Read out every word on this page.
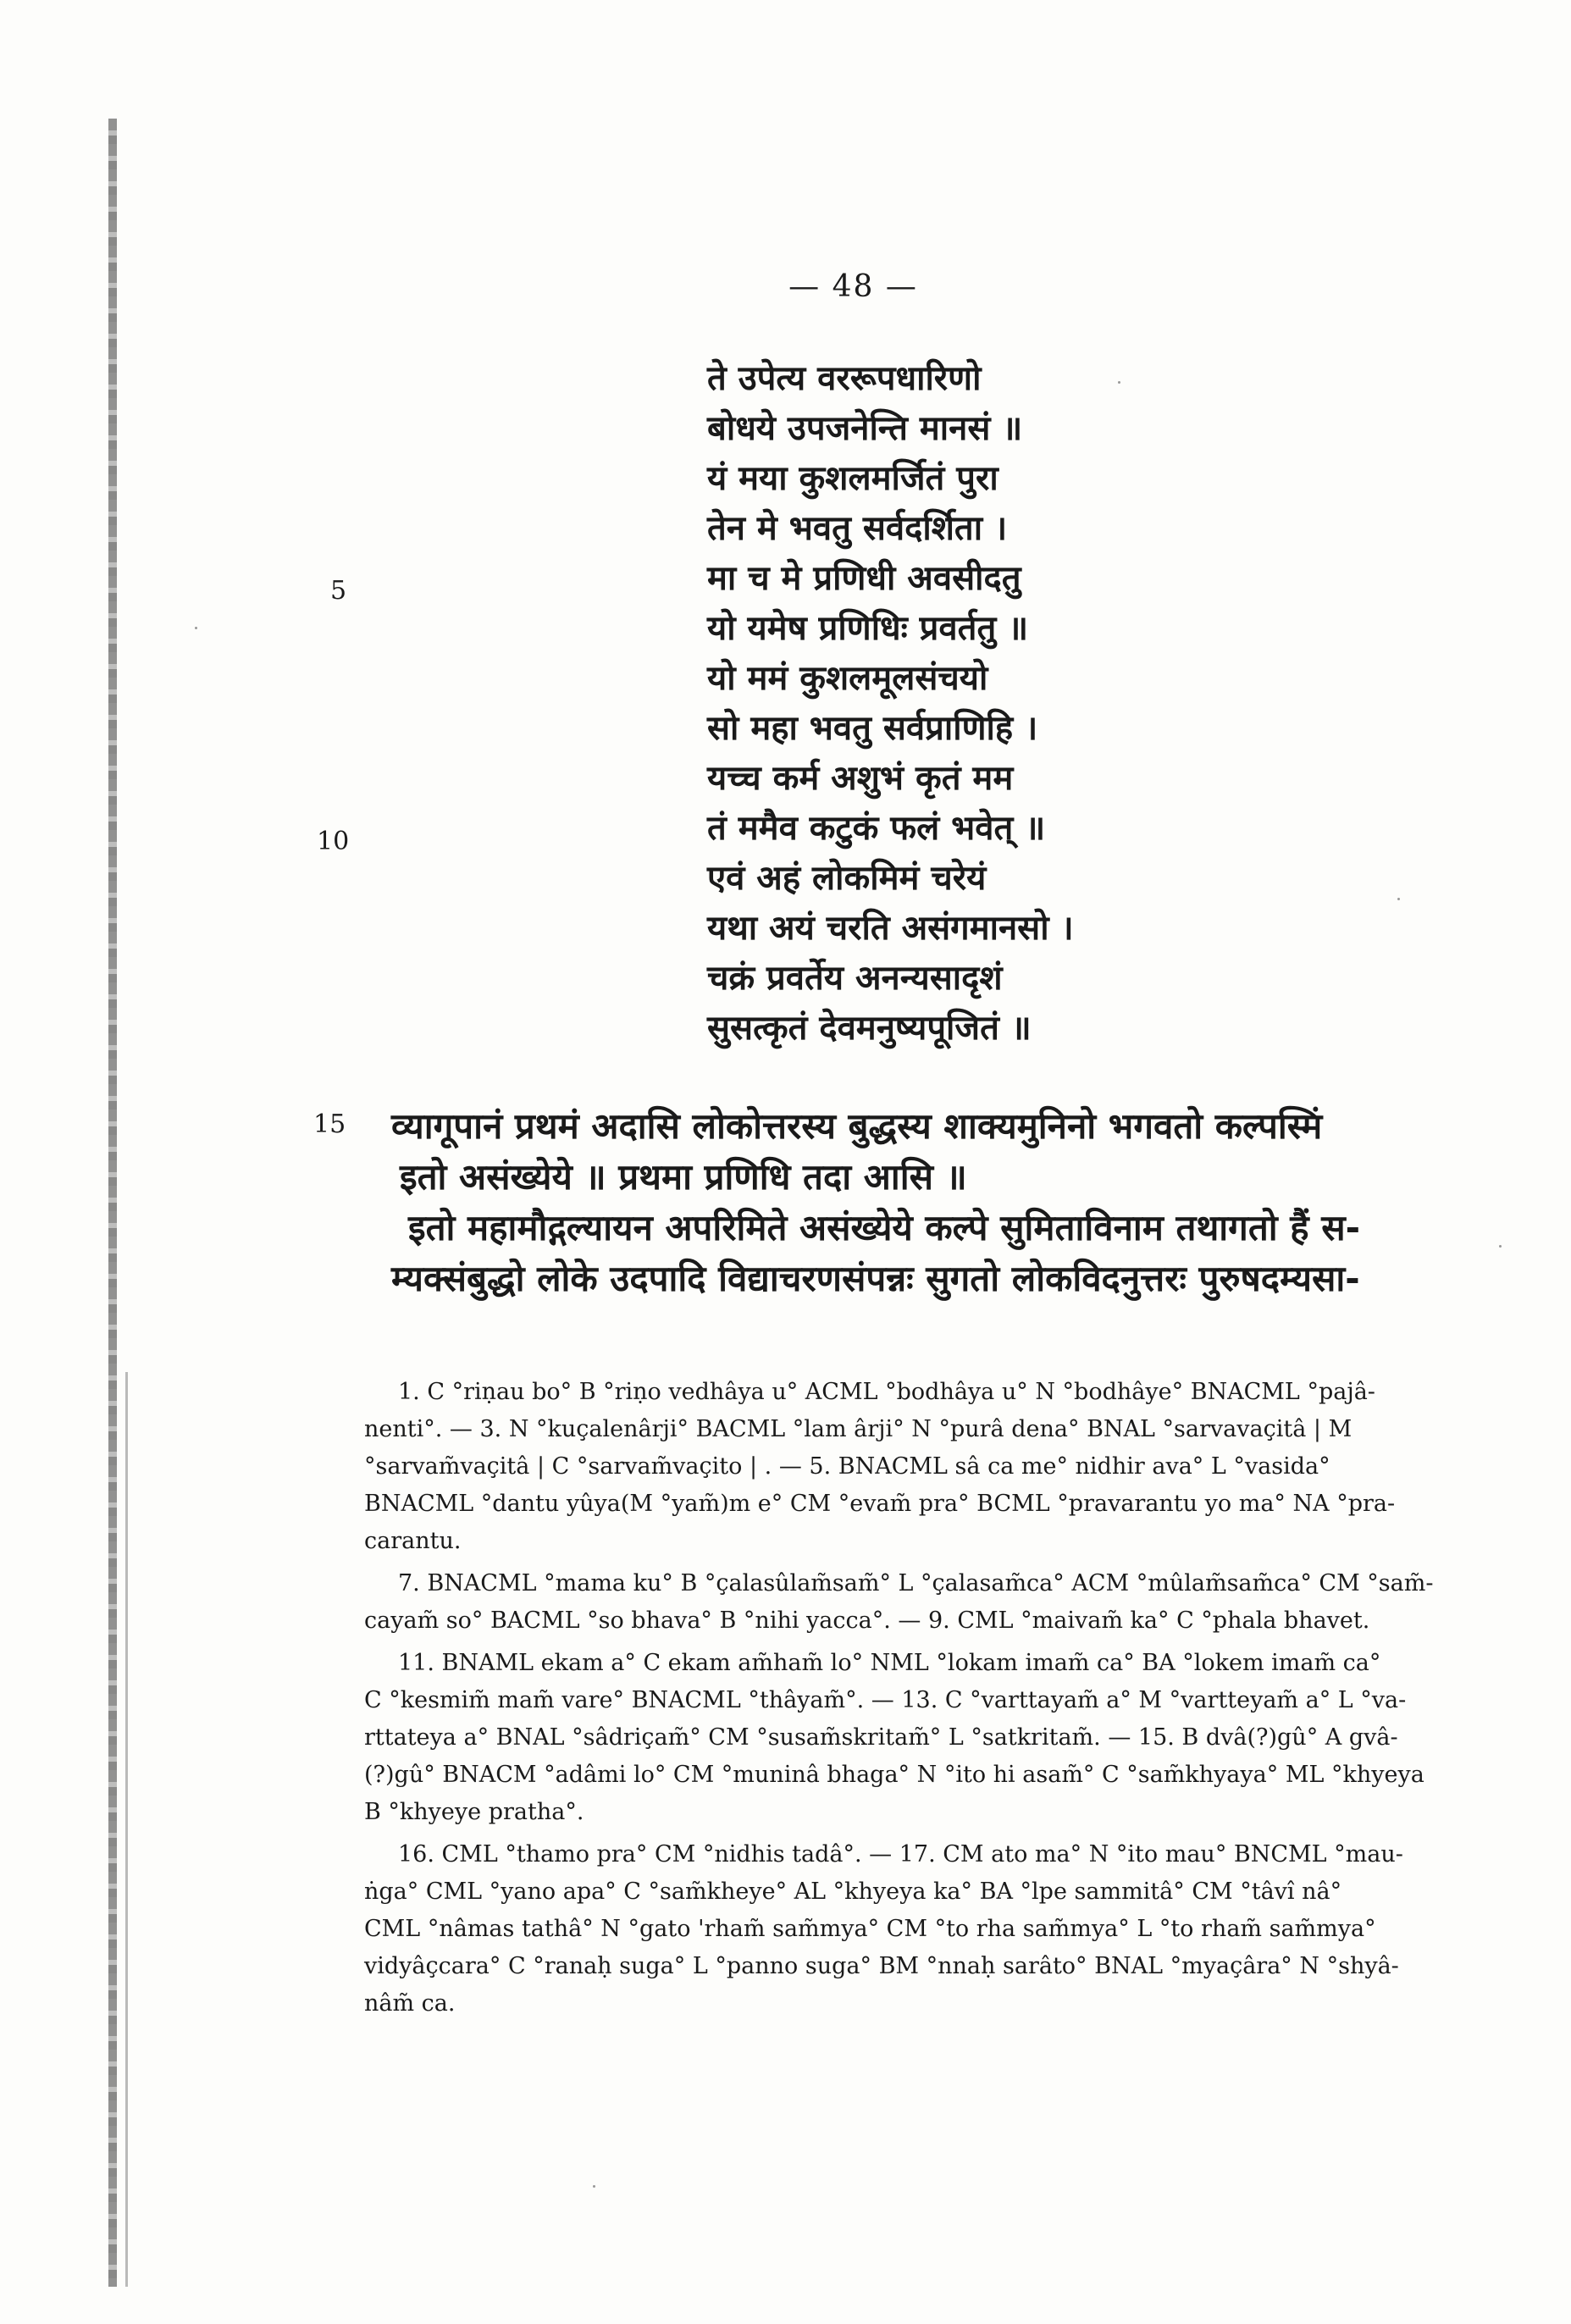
— 48 —
5
10
15
ते उपेत्य वररूपधारिणो
बोधये उपजनेन्ति मानसं ॥
यं मया कुशलमर्जितं पुरा
तेन मे भवतु सर्वदर्शिता ।
मा च मे प्रणिधी अवसीदतु
यो यमेष प्रणिधिः प्रवर्ततु ॥
यो ममं कुशलमूलसंचयो
सो महा भवतु सर्वप्राणिहि ।
यच्च कर्म अशुभं कृतं मम
तं ममैव कटुकं फलं भवेत् ॥
एवं अहं लोकमिमं चरेयं
यथा अयं चरति असंगमानसो ।
चक्रं प्रवर्तेय अनन्यसादृशं
सुसत्कृतं देवमनुष्यपूजितं ॥
व्यागूपानं प्रथमं अदासि लोकोत्तरस्य बुद्धस्य शाक्यमुनिनो भगवतो कल्पस्मिं
इतो असंख्येये ॥ प्रथमा प्रणिधि तदा आसि ॥
इतो महामौद्गल्यायन अपरिमिते असंख्येये कल्पे सुमिताविनाम तथागतो हैं स-
म्यक्संबुद्धो लोके उदपादि विद्याचरणसंपन्नः सुगतो लोकविदनुत्तरः पुरुषदम्यसा-
1. C °riṇau bo° B °riṇo vedhâya u° ACML °bodhâya u° N °bodhâye° BNACML °pajâ-
nenti°. — 3. N °kuçalenârji° BACML °lam ârji° N °purâ dena° BNAL °sarvavaçitâ | M
°sarvam̃vaçitâ | C °sarvam̃vaçito | . — 5. BNACML sâ ca me° nidhir ava° L °vasida°
BNACML °dantu yûya(M °yam̃)m e° CM °evam̃ pra° BCML °pravarantu yo ma° NA °pra-
carantu.
7. BNACML °mama ku° B °çalasûlam̃sam̃° L °çalasam̃ca° ACM °mûlam̃sam̃ca° CM °sam̃-
cayam̃ so° BACML °so bhava° B °nihi yacca°. — 9. CML °maivam̃ ka° C °phala bhavet.
11. BNAML ekam a° C ekam am̃ham̃ lo° NML °lokam imam̃ ca° BA °lokem imam̃ ca°
C °kesmim̃ mam̃ vare° BNACML °thâyam̃°. — 13. C °varttayam̃ a° M °vartteyam̃ a° L °va-
rttateya a° BNAL °sâdriçam̃° CM °susam̃skritam̃° L °satkritam̃. — 15. B dvâ(?)gû° A gvâ-
(?)gû° BNACM °adâmi lo° CM °muninâ bhaga° N °ito hi asam̃° C °sam̃khyaya° ML °khyeya
B °khyeye pratha°.
16. CML °thamo pra° CM °nidhis tadâ°. — 17. CM ato ma° N °ito mau° BNCML °mau-
ṅga° CML °yano apa° C °sam̃kheye° AL °khyeya ka° BA °lpe sammitâ° CM °tâvî nâ°
CML °nâmas tathâ° N °gato 'rham̃ sam̃mya° CM °to rha sam̃mya° L °to rham̃ sam̃mya°
vidyâçcara° C °ranaḥ suga° L °panno suga° BM °nnaḥ sarâto° BNAL °myaçâra° N °shyâ-
nâm̃ ca.
